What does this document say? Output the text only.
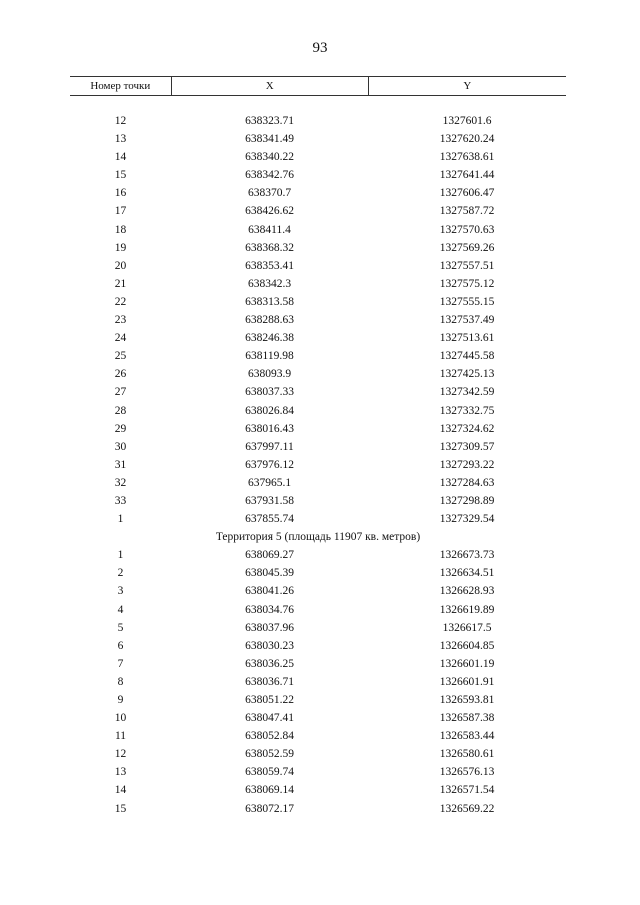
93
Номер точки	X	Y
12	638323.71	1327601.6
13	638341.49	1327620.24
14	638340.22	1327638.61
15	638342.76	1327641.44
16	638370.7	1327606.47
17	638426.62	1327587.72
18	638411.4	1327570.63
19	638368.32	1327569.26
20	638353.41	1327557.51
21	638342.3	1327575.12
22	638313.58	1327555.15
23	638288.63	1327537.49
24	638246.38	1327513.61
25	638119.98	1327445.58
26	638093.9	1327425.13
27	638037.33	1327342.59
28	638026.84	1327332.75
29	638016.43	1327324.62
30	637997.11	1327309.57
31	637976.12	1327293.22
32	637965.1	1327284.63
33	637931.58	1327298.89
1	637855.74	1327329.54
Территория 5 (площадь 11907 кв. метров)
1	638069.27	1326673.73
2	638045.39	1326634.51
3	638041.26	1326628.93
4	638034.76	1326619.89
5	638037.96	1326617.5
6	638030.23	1326604.85
7	638036.25	1326601.19
8	638036.71	1326601.91
9	638051.22	1326593.81
10	638047.41	1326587.38
11	638052.84	1326583.44
12	638052.59	1326580.61
13	638059.74	1326576.13
14	638069.14	1326571.54
15	638072.17	1326569.22
